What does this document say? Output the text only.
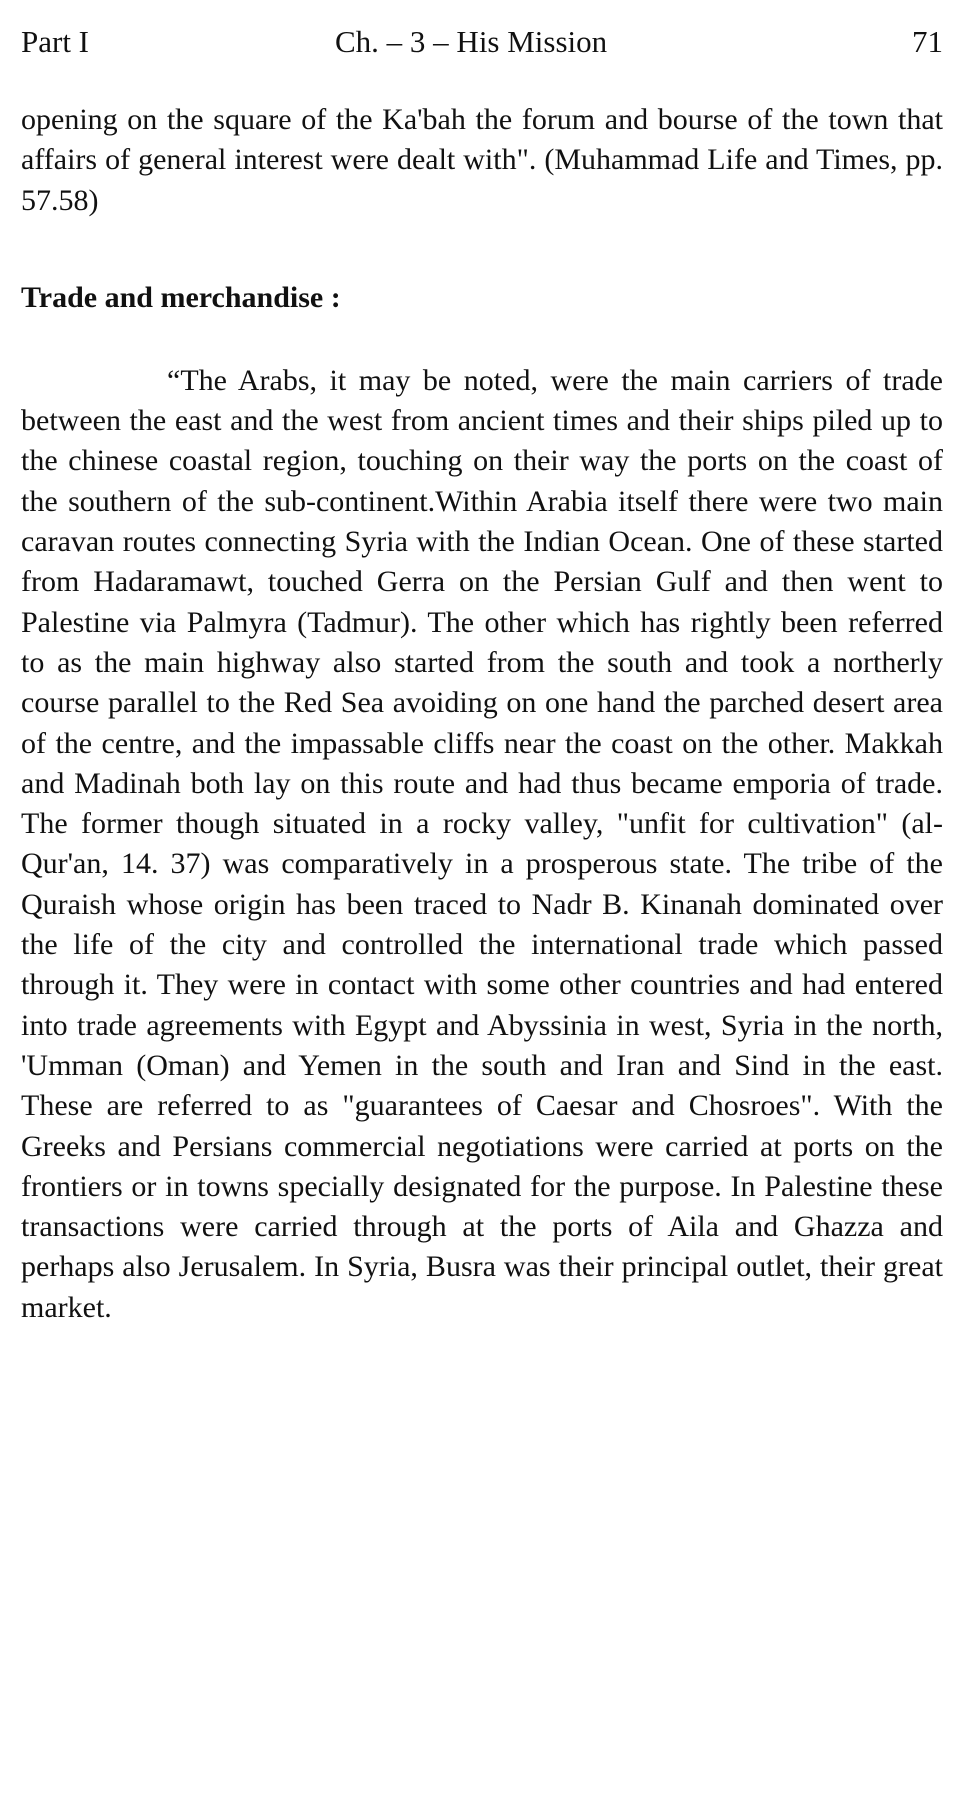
Part I	Ch. – 3 – His Mission	71

opening on the square of the Ka'bah the forum and bourse of the town that affairs of general interest were dealt with". (Muhammad Life and Times, pp. 57.58)

Trade and merchandise :

“The Arabs, it may be noted, were the main carriers of trade between the east and the west from ancient times and their ships piled up to the chinese coastal region, touching on their way the ports on the coast of the southern of the sub-continent.Within Arabia itself there were two main caravan routes connecting Syria with the Indian Ocean. One of these started from Hadaramawt, touched Gerra on the Persian Gulf and then went to Palestine via Palmyra (Tadmur). The other which has rightly been referred to as the main highway also started from the south and took a northerly course parallel to the Red Sea avoiding on one hand the parched desert area of the centre, and the impassable cliffs near the coast on the other. Makkah and Madinah both lay on this route and had thus became emporia of trade. The former though situated in a rocky valley, "unfit for cultivation" (al-Qur'an, 14. 37) was comparatively in a prosperous state. The tribe of the Quraish whose origin has been traced to Nadr B. Kinanah dominated over the life of the city and controlled the international trade which passed through it. They were in contact with some other countries and had entered into trade agreements with Egypt and Abyssinia in west, Syria in the north, 'Umman (Oman) and Yemen in the south and Iran and Sind in the east. These are referred to as "guarantees of Caesar and Chosroes". With the Greeks and Persians commercial negotiations were carried at ports on the frontiers or in towns specially designated for the purpose. In Palestine these transactions were carried through at the ports of Aila and Ghazza and perhaps also Jerusalem. In Syria, Busra was their principal outlet, their great market.
